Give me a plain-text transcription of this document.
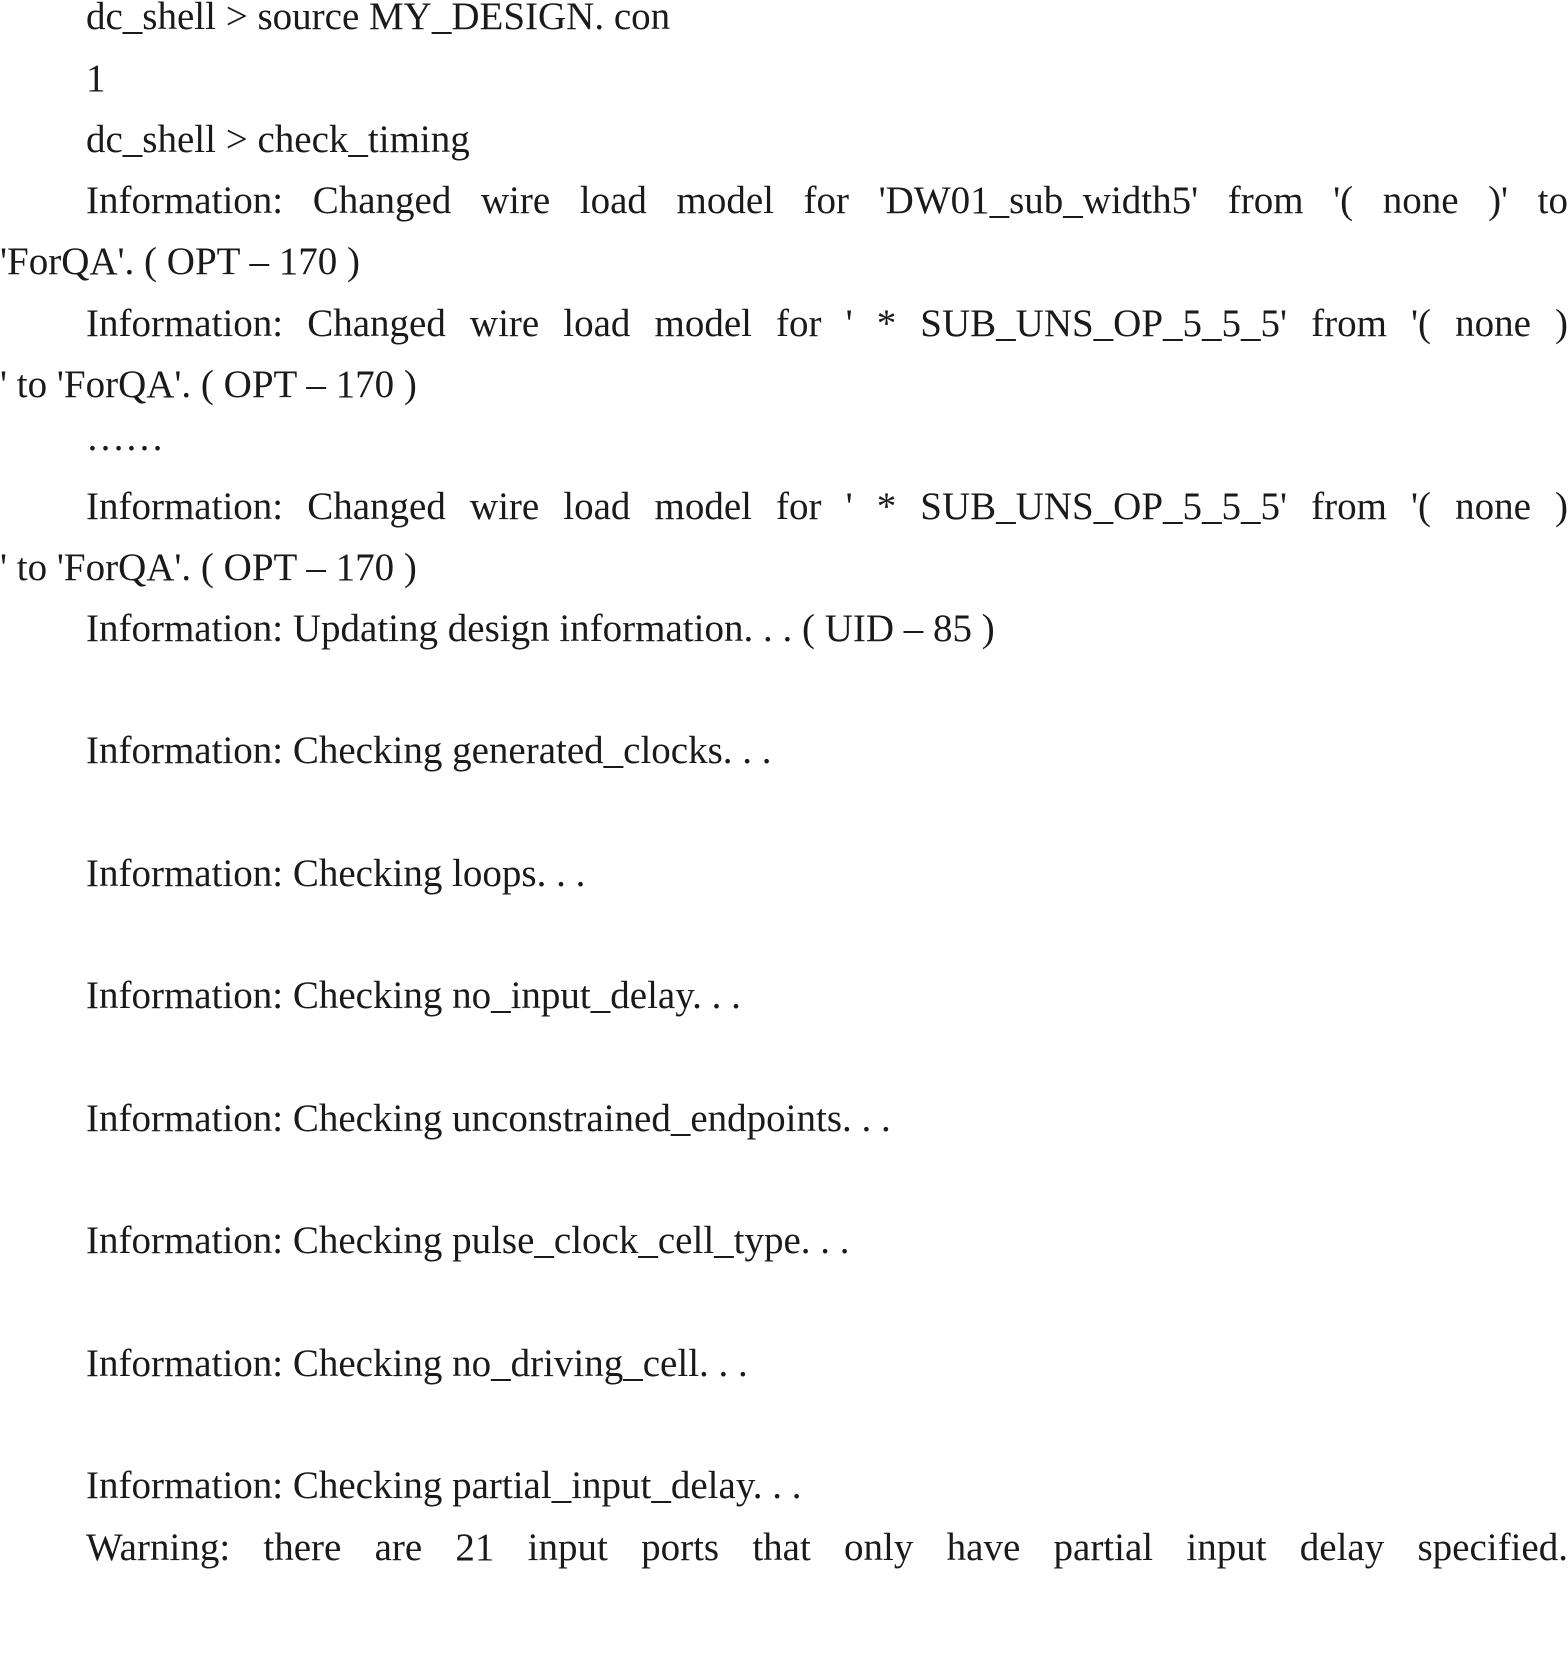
dc_shell > source MY_DESIGN. con
1
dc_shell > check_timing
Information: Changed wire load model for 'DW01_sub_width5' from '( none )' to
'ForQA'. ( OPT – 170 )
Information: Changed wire load model for ' * SUB_UNS_OP_5_5_5' from '( none )
' to 'ForQA'. ( OPT – 170 )
……
Information: Changed wire load model for ' * SUB_UNS_OP_5_5_5' from '( none )
' to 'ForQA'. ( OPT – 170 )
Information: Updating design information. . . ( UID – 85 )
Information: Checking generated_clocks. . .
Information: Checking loops. . .
Information: Checking no_input_delay. . .
Information: Checking unconstrained_endpoints. . .
Information: Checking pulse_clock_cell_type. . .
Information: Checking no_driving_cell. . .
Information: Checking partial_input_delay. . .
Warning: there are 21 input ports that only have partial input delay specified.
